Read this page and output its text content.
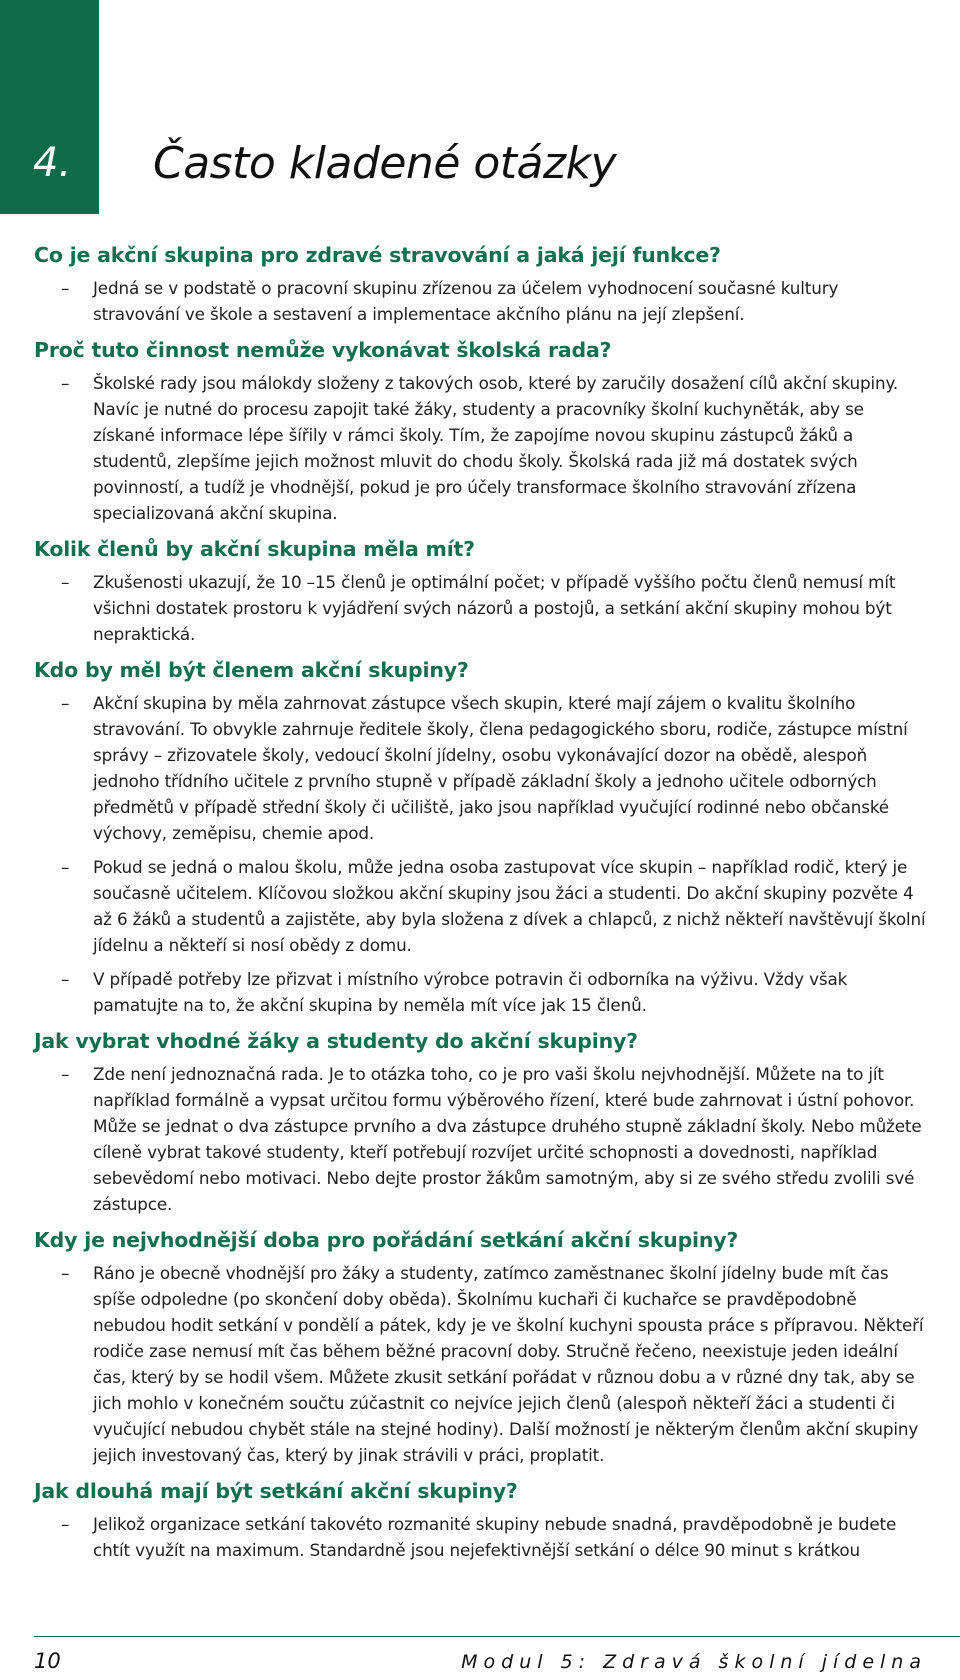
4. Často kladené otázky
Co je akční skupina pro zdravé stravování a jaká její funkce?

– Jedná se v podstatě o pracovní skupinu zřízenou za účelem vyhodnocení současné kultury stravování ve škole a sestavení a implementace akčního plánu na její zlepšení.

Proč tuto činnost nemůže vykonávat školská rada?

– Školské rady jsou málokdy složeny z takových osob, které by zaručily dosažení cílů akční skupiny. Navíc je nutné do procesu zapojit také žáky, studenty a pracovníky školní kuchyněták, aby se získané informace lépe šířily v rámci školy. Tím, že zapojíme novou skupinu zástupců žáků a studentů, zlepšíme jejich možnost mluvit do chodu školy. Školská rada již má dostatek svých povinností, a tudíž je vhodnější, pokud je pro účely transformace školního stravování zřízena specializovaná akční skupina.

Kolik členů by akční skupina měla mít?

– Zkušenosti ukazují, že 10 –15 členů je optimální počet; v případě vyššího počtu členů nemusí mít všichni dostatek prostoru k vyjádření svých názorů a postojů, a setkání akční skupiny mohou být nepraktická.

Kdo by měl být členem akční skupiny?

– Akční skupina by měla zahrnovat zástupce všech skupin, které mají zájem o kvalitu školního stravování. To obvykle zahrnuje ředitele školy, člena pedagogického sboru, rodiče, zástupce místní správy – zřizovatele školy, vedoucí školní jídelny, osobu vykonávající dozor na obědě, alespoň jednoho třídního učitele z prvního stupně v případě základní školy a jednoho učitele odborných předmětů v případě střední školy či učiliště, jako jsou například vyučující rodinné nebo občanské výchovy, zeměpisu, chemie apod.

– Pokud se jedná o malou školu, může jedna osoba zastupovat více skupin – například rodič, který je současně učitelem. Klíčovou složkou akční skupiny jsou žáci a studenti. Do akční skupiny pozvěte 4 až 6 žáků a studentů a zajistěte, aby byla složena z dívek a chlapců, z nichž někteří navštěvují školní jídelnu a někteří si nosí obědy z domu.

– V případě potřeby lze přizvat i místního výrobce potravin či odborníka na výživu. Vždy však pamatujte na to, že akční skupina by neměla mít více jak 15 členů.

Jak vybrat vhodné žáky a studenty do akční skupiny?

– Zde není jednoznačná rada. Je to otázka toho, co je pro vaši školu nejvhodnější. Můžete na to jít například formálně a vypsat určitou formu výběrového řízení, které bude zahrnovat i ústní pohovor. Může se jednat o dva zástupce prvního a dva zástupce druhého stupně základní školy. Nebo můžete cíleně vybrat takové studenty, kteří potřebují rozvíjet určité schopnosti a dovednosti, například sebevědomí nebo motivaci. Nebo dejte prostor žákům samotným, aby si ze svého středu zvolili své zástupce.

Kdy je nejvhodnější doba pro pořádání setkání akční skupiny?

– Ráno je obecně vhodnější pro žáky a studenty, zatímco zaměstnanec školní jídelny bude mít čas spíše odpoledne (po skončení doby oběda). Školnímu kuchaři či kuchařce se pravděpodobně nebudou hodit setkání v pondělí a pátek, kdy je ve školní kuchyni spousta práce s přípravou. Někteří rodiče zase nemusí mít čas během běžné pracovní doby. Stručně řečeno, neexistuje jeden ideální čas, který by se hodil všem. Můžete zkusit setkání pořádat v různou dobu a v různé dny tak, aby se jich mohlo v konečném součtu zúčastnit co nejvíce jejich členů (alespoň někteří žáci a studenti či vyučující nebudou chybět stále na stejné hodiny). Další možností je některým členům akční skupiny jejich investovaný čas, který by jinak strávili v práci, proplatit.

Jak dlouhá mají být setkání akční skupiny?

– Jelikož organizace setkání takovéto rozmanité skupiny nebude snadná, pravděpodobně je budete chtít využít na maximum. Standardně jsou nejefektivnější setkání o délce 90 minut s krátkou

10	Modul 5: Zdravá školní jídelna
